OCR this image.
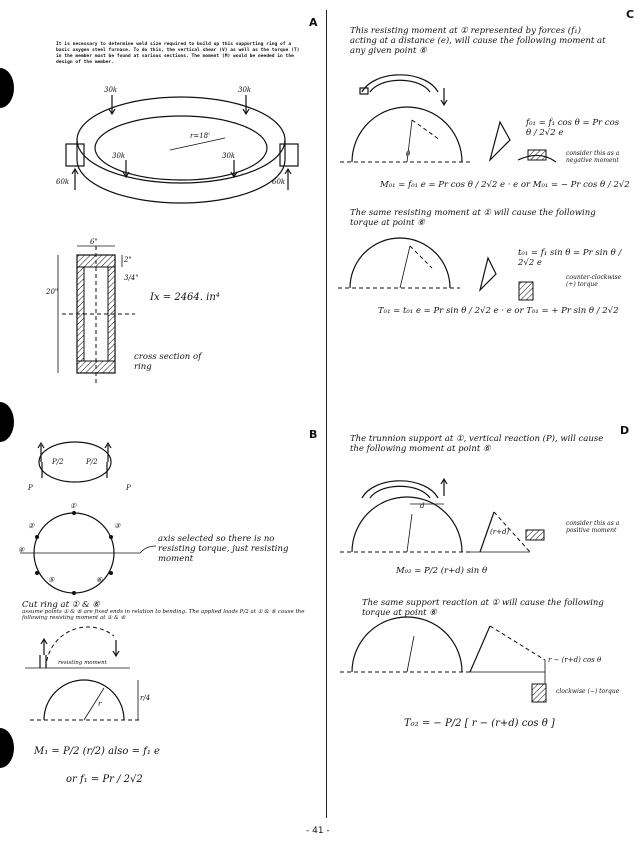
A
C
B	D
It is necessary to determine weld size required to build up this supporting ring of a basic oxygen steel furnace. To do this, the vertical shear (V) as well as the torque (T) in the member must be found at various sections. The moment (M) would be needed in the design of the member.
30k	30k
30k	30k
60k	60k
r=18'
6"
20"
2"
3/4"
Ix = 2464. in⁴
cross section of ring
P	P
P/2	P/2
①
②	③
④
⑤	⑥
axis selected so there is no resisting torque, just resisting moment
Cut ring at ① & ⑥
assume points ① & ⑥ are fixed ends in relation to bending. The applied loads P/2 at ① & ⑥ cause the following resisting moment at ① & ⑥
resisting moment
r
r/4
M₁ = P/2 (r/2) also = f₁ e
or f₁ = Pr / 2√2
This resisting moment at ① represented by forces (f₁) acting at a distance (e), will cause the following moment at any given point ⑥
θ
f₀₁ = f₁ cos θ = Pr cos θ / 2√2 e
consider this as a negative moment
M₀₁ = f₀₁ e = Pr cos θ / 2√2 e · e or M₀₁ = − Pr cos θ / 2√2
The same resisting moment at ① will cause the following torque at point ⑥
t₀₁ = f₁ sin θ = Pr sin θ / 2√2 e
counter-clockwise (+) torque
T₀₁ = t₀₁ e = Pr sin θ / 2√2 e · e or T₀₁ = + Pr sin θ / 2√2
The trunnion support at ①, vertical reaction (P), will cause the following moment at point ⑥
d
(r+d)
consider this as a positive moment
M₀₂ = P/2 (r+d) sin θ
The same support reaction at ① will cause the following torque at point ⑥
r − (r+d) cos θ
clockwise (−) torque
T₀₂ = − P/2 [ r − (r+d) cos θ ]
- 41 -
